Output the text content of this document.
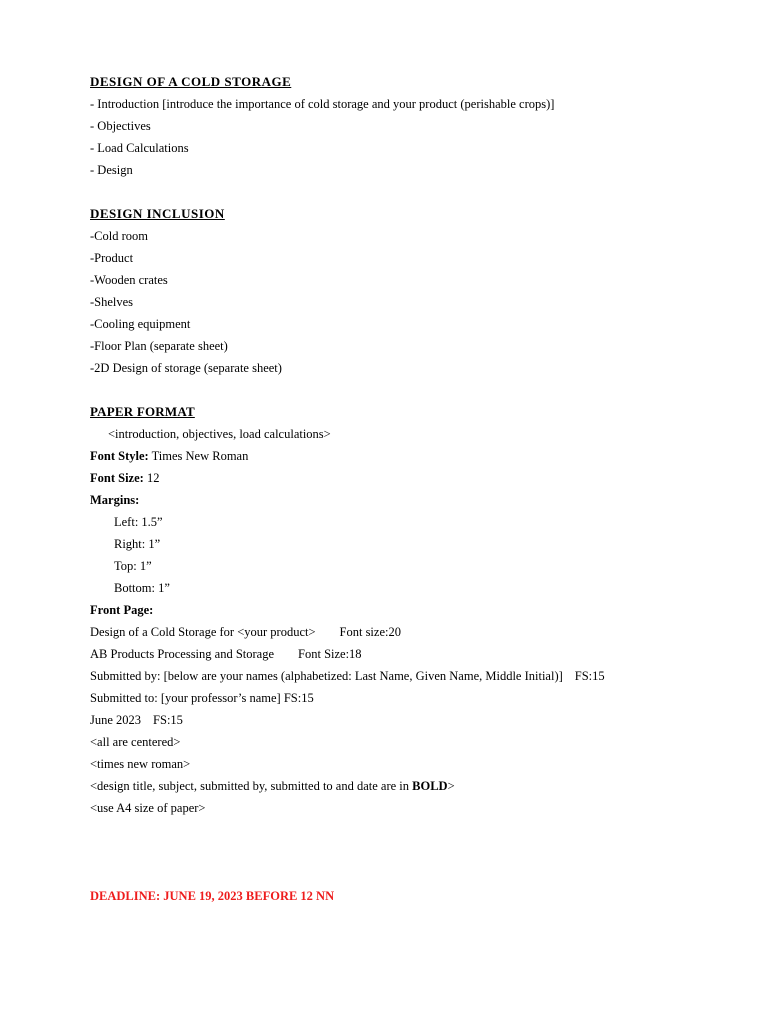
DESIGN OF A COLD STORAGE
- Introduction [introduce the importance of cold storage and your product (perishable crops)]
- Objectives
- Load Calculations
- Design
DESIGN INCLUSION
-Cold room
-Product
-Wooden crates
-Shelves
-Cooling equipment
-Floor Plan (separate sheet)
-2D Design of storage (separate sheet)
PAPER FORMAT
<introduction, objectives, load calculations>
Font Style: Times New Roman
Font Size: 12
Margins:
Left: 1.5”
Right: 1”
Top: 1”
Bottom: 1”
Front Page:
Design of a Cold Storage for <your product> Font size:20
AB Products Processing and Storage Font Size:18
Submitted by: [below are your names (alphabetized: Last Name, Given Name, Middle Initial)] FS:15
Submitted to: [your professor’s name] FS:15
June 2023 FS:15
<all are centered>
<times new roman>
<design title, subject, submitted by, submitted to and date are in BOLD>
<use A4 size of paper>
DEADLINE: JUNE 19, 2023 BEFORE 12 NN
